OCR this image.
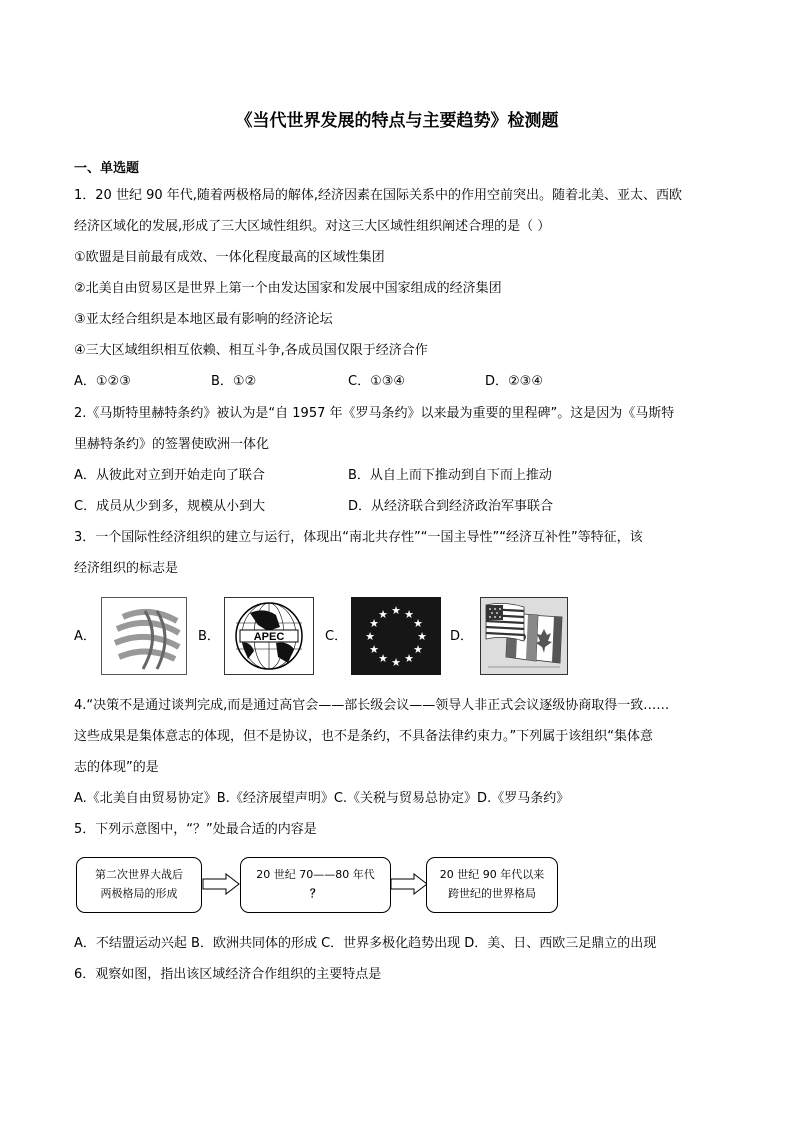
《当代世界发展的特点与主要趋势》检测题
一、单选题
1．20 世纪 90 年代,随着两极格局的解体,经济因素在国际关系中的作用空前突出。随着北美、亚太、西欧
经济区域化的发展,形成了三大区域性组织。对这三大区域性组织阐述合理的是（ ）
①欧盟是目前最有成效、一体化程度最高的区域性集团
②北美自由贸易区是世界上第一个由发达国家和发展中国家组成的经济集团
③亚太经合组织是本地区最有影响的经济论坛
④三大区域组织相互依赖、相互斗争,各成员国仅限于经济合作
A．①②③	B．①②	C．①③④	D．②③④
2.《马斯特里赫特条约》被认为是“自 1957 年《罗马条约》以来最为重要的里程碑”。这是因为《马斯特
里赫特条约》的签署使欧洲一体化
A．从彼此对立到开始走向了联合	B．从自上而下推动到自下而上推动
C．成员从少到多，规模从小到大	D．从经济联合到经济政治军事联合
3．一个国际性经济组织的建立与运行，体现出“南北共存性”“一国主导性”“经济互补性”等特征，该
经济组织的标志是
A．	B．	APEC	C．
★ ★
★
★
★
★
★
★
★
★
★
★
D．
4.“决策不是通过谈判完成,而是通过高官会——部长级会议——领导人非正式会议逐级协商取得一致……
这些成果是集体意志的体现，但不是协议，也不是条约，不具备法律约束力。”下列属于该组织“集体意
志的体现”的是
A.《北美自由贸易协定》B.《经济展望声明》C.《关税与贸易总协定》D.《罗马条约》
5．下列示意图中，“？”处最合适的内容是
第二次世界大战后
两极格局的形成
20 世纪 70——80 年代
？
20 世纪 90 年代以来
跨世纪的世界格局
A．不结盟运动兴起 B．欧洲共同体的形成 C．世界多极化趋势出现 D．美、日、西欧三足鼎立的出现
6．观察如图，指出该区域经济合作组织的主要特点是
